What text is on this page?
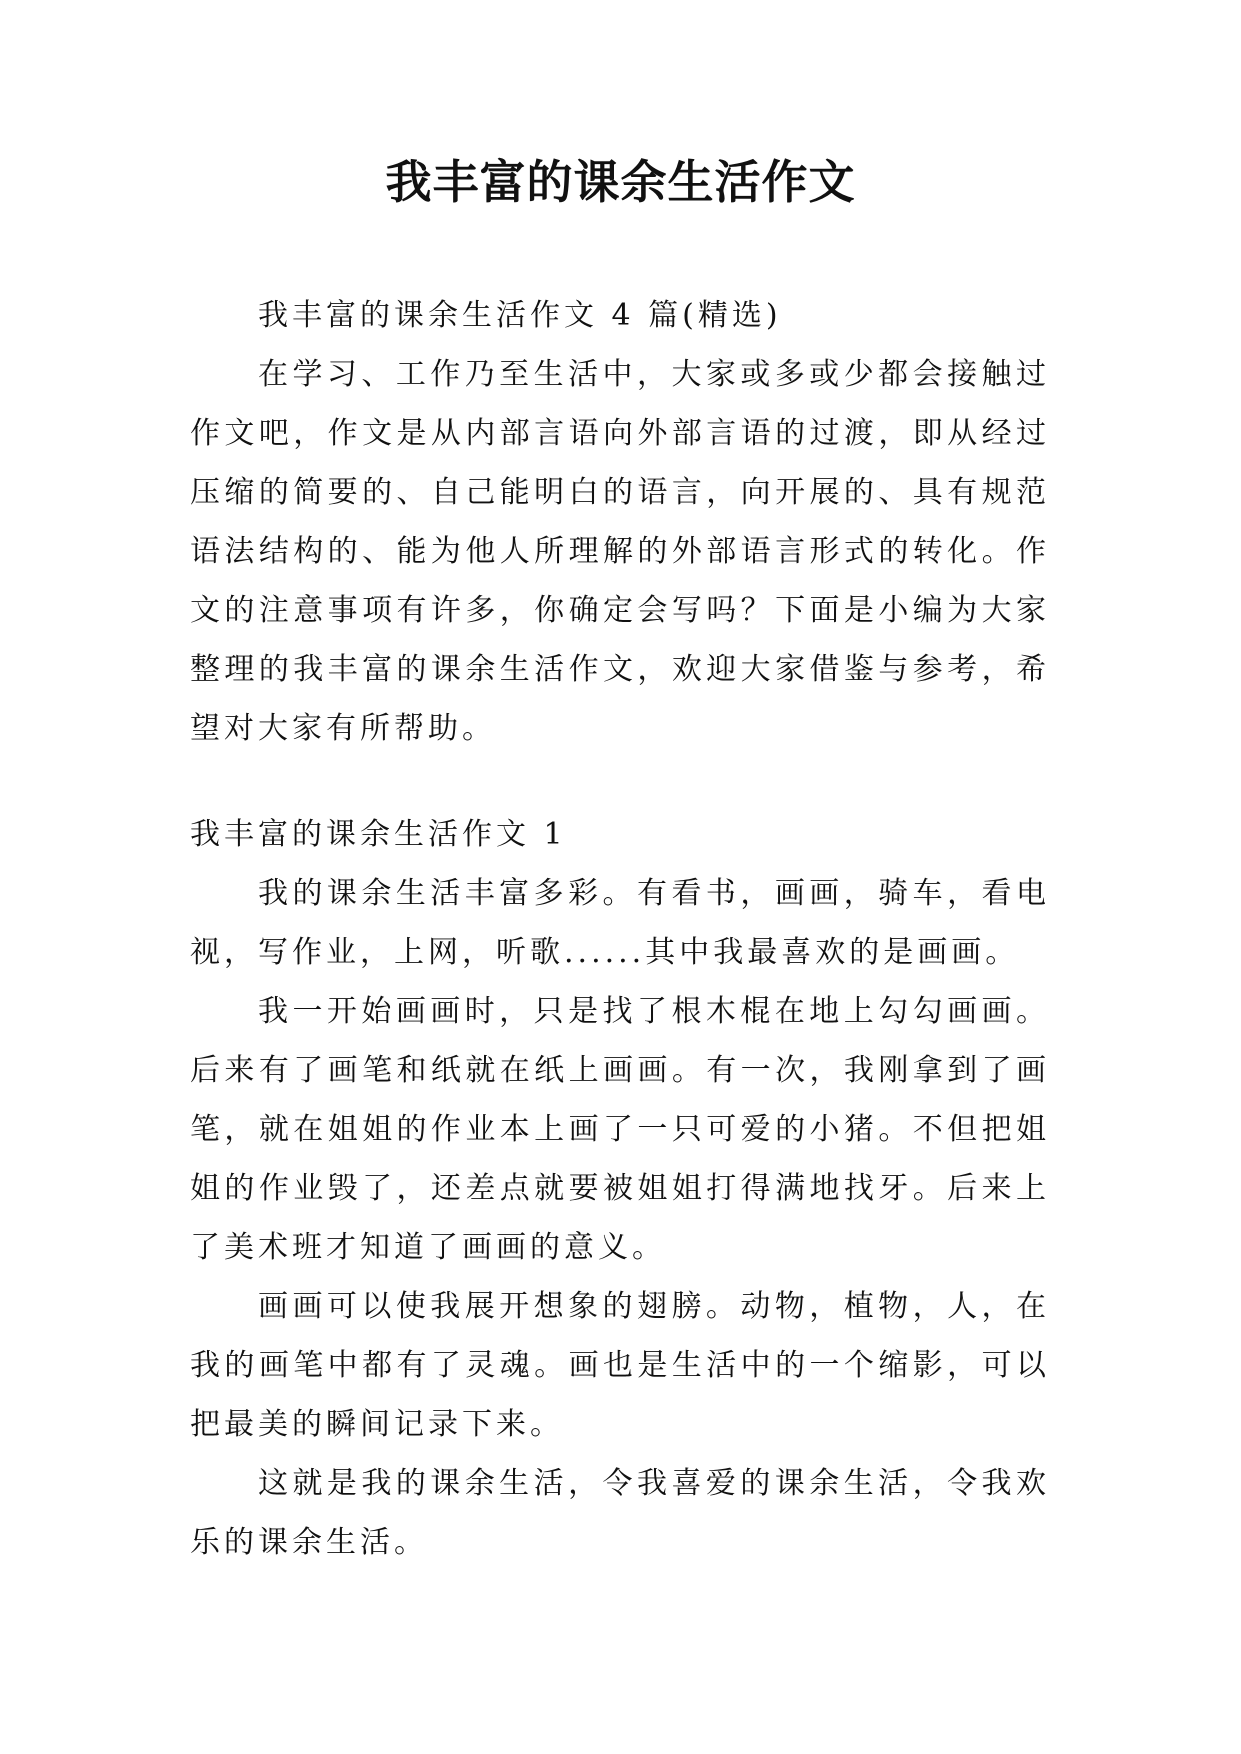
我丰富的课余生活作文

我丰富的课余生活作文 4 篇(精选)

在学习、工作乃至生活中，大家或多或少都会接触过作文吧，作文是从内部言语向外部言语的过渡，即从经过压缩的简要的、自己能明白的语言，向开展的、具有规范语法结构的、能为他人所理解的外部语言形式的转化。作文的注意事项有许多，你确定会写吗？下面是小编为大家整理的我丰富的课余生活作文，欢迎大家借鉴与参考，希望对大家有所帮助。

我丰富的课余生活作文 1

我的课余生活丰富多彩。有看书，画画，骑车，看电视，写作业，上网，听歌......其中我最喜欢的是画画。

我一开始画画时，只是找了根木棍在地上勾勾画画。后来有了画笔和纸就在纸上画画。有一次，我刚拿到了画笔，就在姐姐的作业本上画了一只可爱的小猪。不但把姐姐的作业毁了，还差点就要被姐姐打得满地找牙。后来上了美术班才知道了画画的意义。

画画可以使我展开想象的翅膀。动物，植物，人，在我的画笔中都有了灵魂。画也是生活中的一个缩影，可以把最美的瞬间记录下来。

这就是我的课余生活，令我喜爱的课余生活，令我欢乐的课余生活。
